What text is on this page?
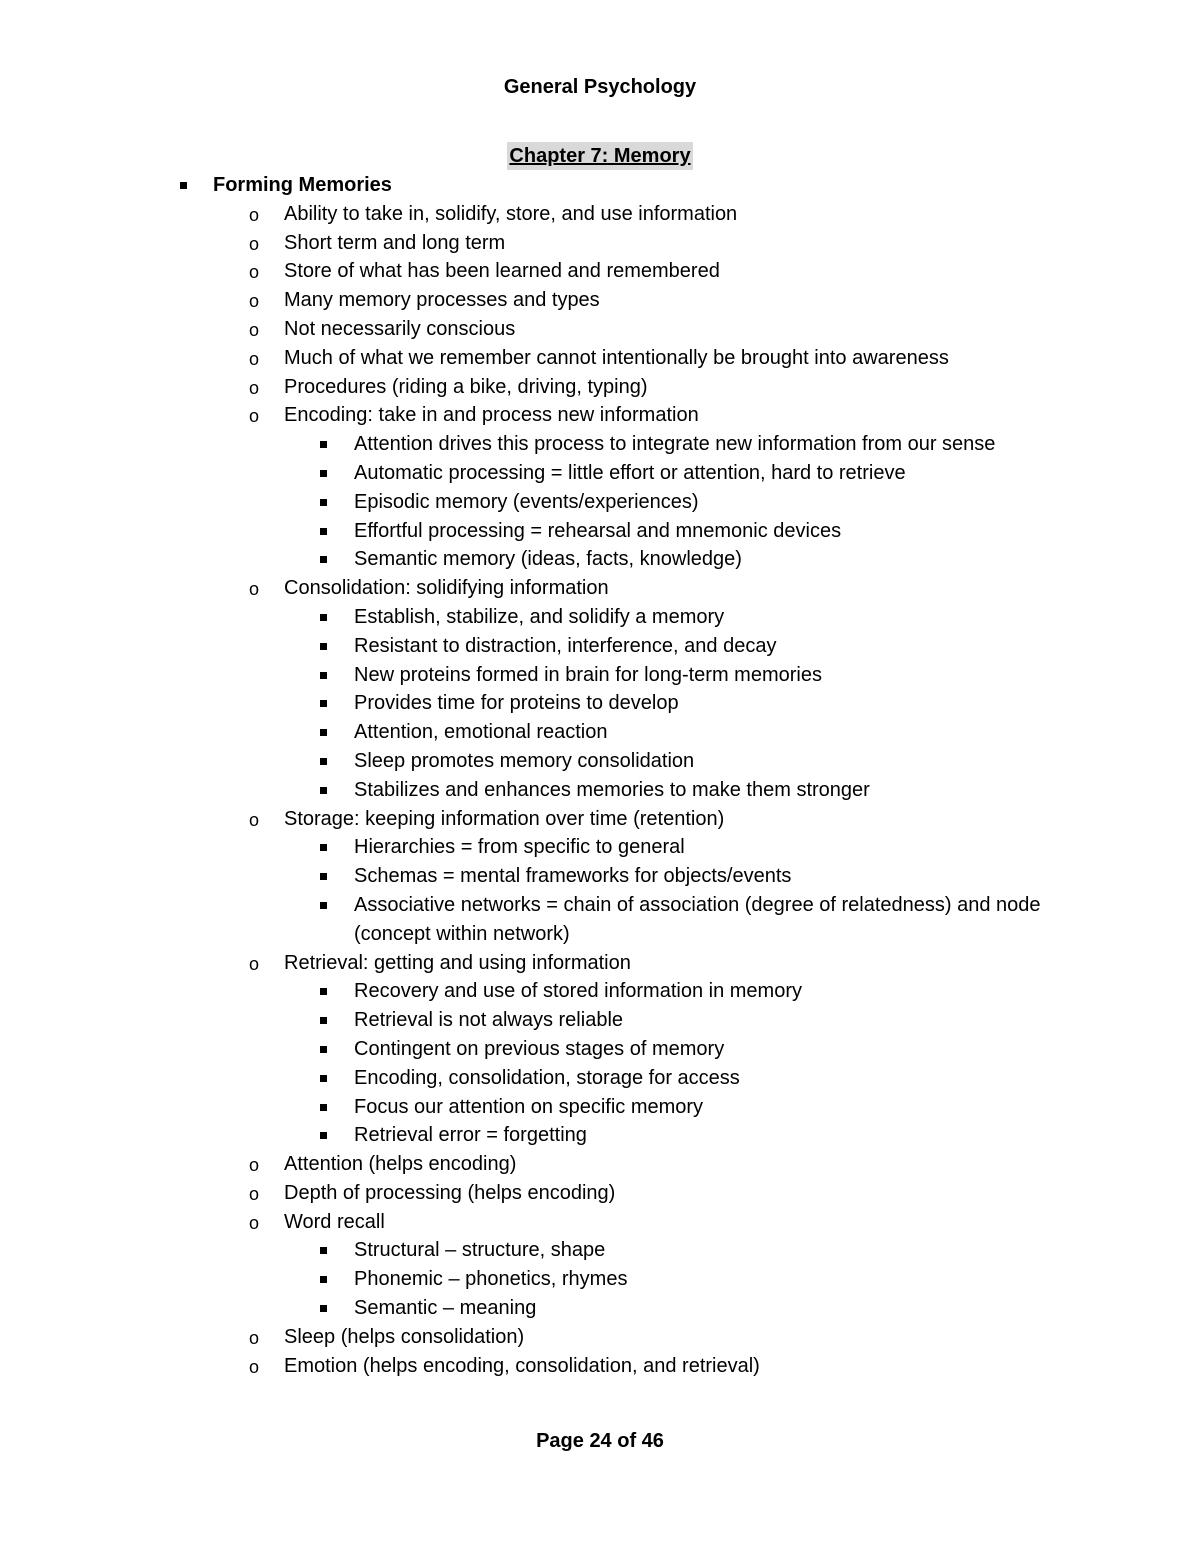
General Psychology
Chapter 7: Memory
Forming Memories
o Ability to take in, solidify, store, and use information
o Short term and long term
o Store of what has been learned and remembered
o Many memory processes and types
o Not necessarily conscious
o Much of what we remember cannot intentionally be brought into awareness
o Procedures (riding a bike, driving, typing)
o Encoding: take in and process new information
Attention drives this process to integrate new information from our sense
Automatic processing = little effort or attention, hard to retrieve
Episodic memory (events/experiences)
Effortful processing = rehearsal and mnemonic devices
Semantic memory (ideas, facts, knowledge)
o Consolidation: solidifying information
Establish, stabilize, and solidify a memory
Resistant to distraction, interference, and decay
New proteins formed in brain for long-term memories
Provides time for proteins to develop
Attention, emotional reaction
Sleep promotes memory consolidation
Stabilizes and enhances memories to make them stronger
o Storage: keeping information over time (retention)
Hierarchies = from specific to general
Schemas = mental frameworks for objects/events
Associative networks = chain of association (degree of relatedness) and node (concept within network)
o Retrieval: getting and using information
Recovery and use of stored information in memory
Retrieval is not always reliable
Contingent on previous stages of memory
Encoding, consolidation, storage for access
Focus our attention on specific memory
Retrieval error = forgetting
o Attention (helps encoding)
o Depth of processing (helps encoding)
o Word recall
Structural – structure, shape
Phonemic – phonetics, rhymes
Semantic – meaning
o Sleep (helps consolidation)
o Emotion (helps encoding, consolidation, and retrieval)
Page 24 of 46
